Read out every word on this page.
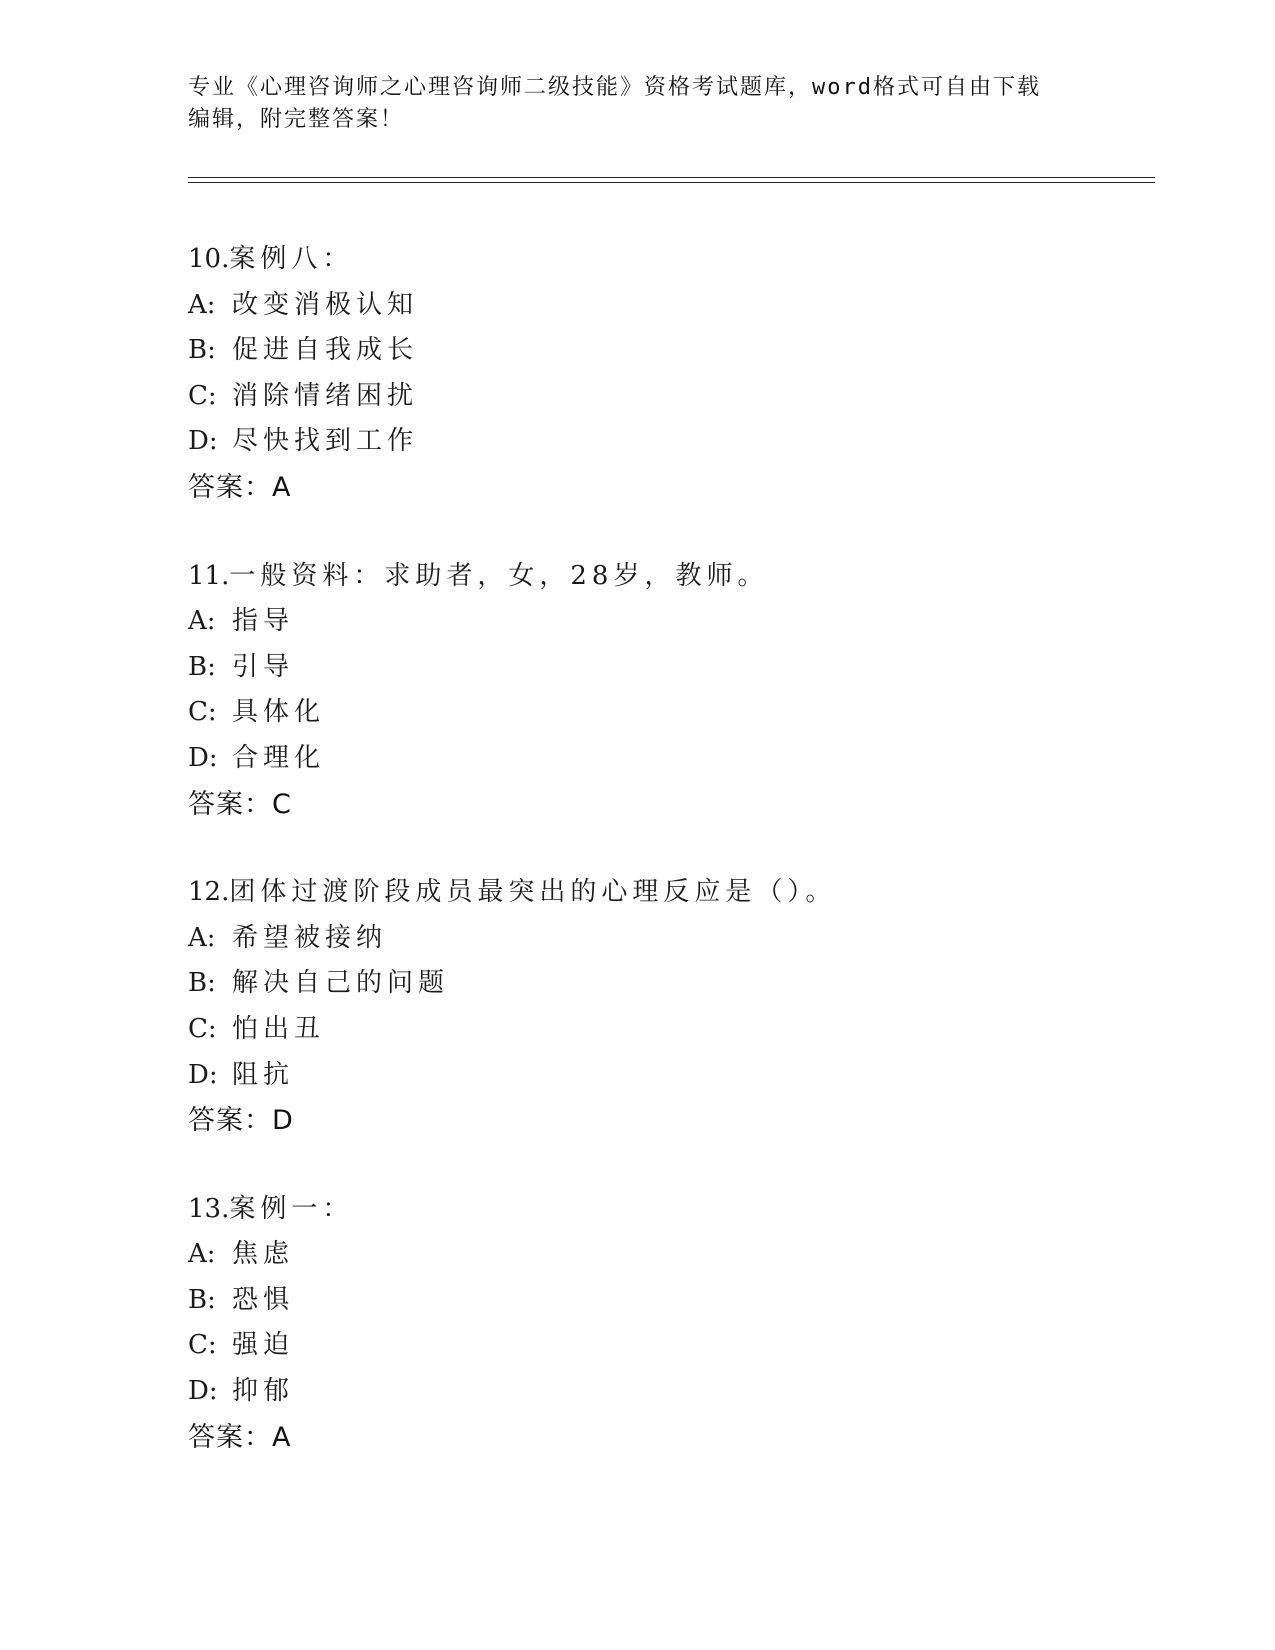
专业《心理咨询师之心理咨询师二级技能》资格考试题库，word格式可自由下载
编辑，附完整答案！
10.案例八：
A: 改变消极认知
B: 促进自我成长
C: 消除情绪困扰
D: 尽快找到工作
答案：A
11.一般资料：求助者，女，28岁，教师。
A: 指导
B: 引导
C: 具体化
D: 合理化
答案：C
12.团体过渡阶段成员最突出的心理反应是（）。
A: 希望被接纳
B: 解决自己的问题
C: 怕出丑
D: 阻抗
答案：D
13.案例一：
A: 焦虑
B: 恐惧
C: 强迫
D: 抑郁
答案：A
